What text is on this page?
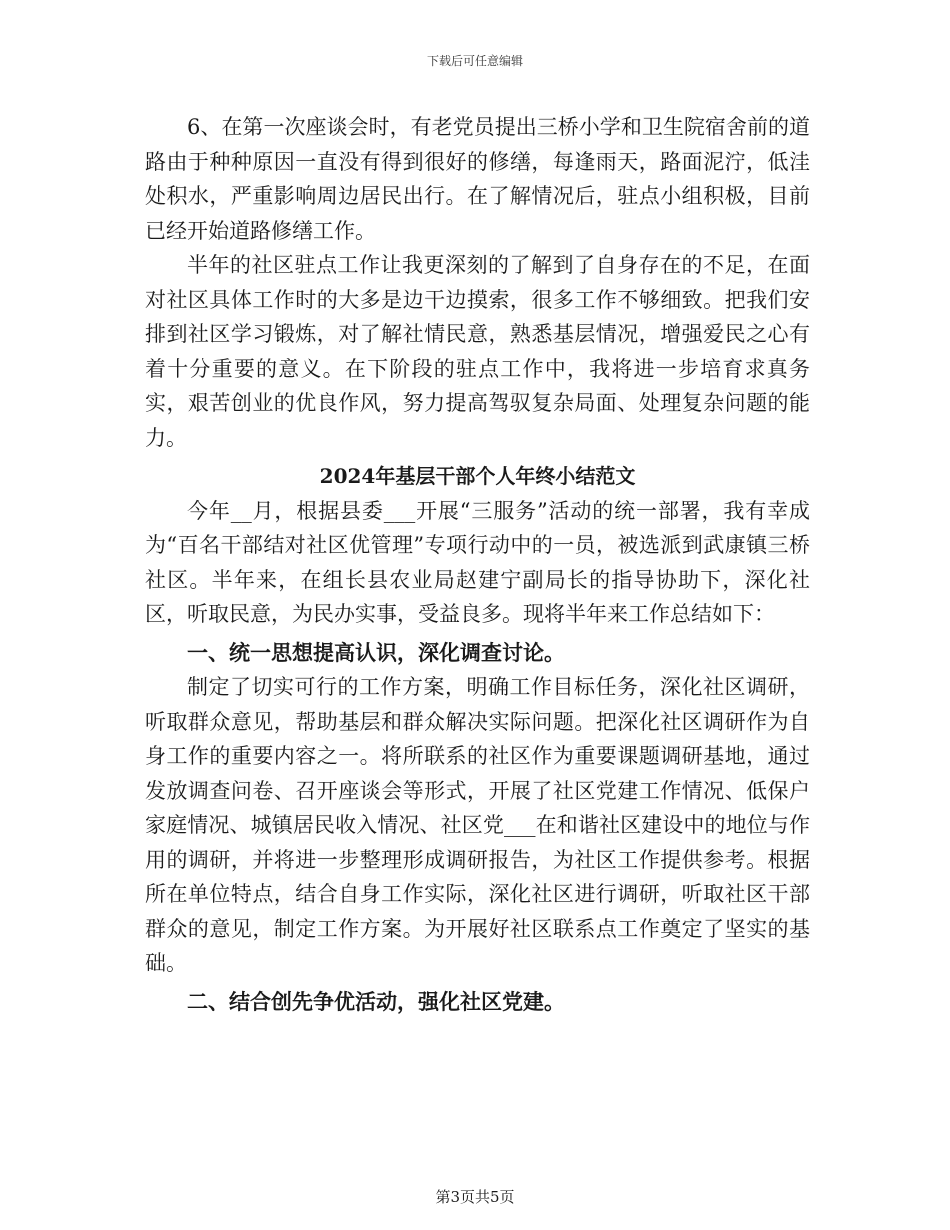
下载后可任意编辑

6、在第一次座谈会时，有老党员提出三桥小学和卫生院宿舍前的道路由于种种原因一直没有得到很好的修缮，每逢雨天，路面泥泞，低洼处积水，严重影响周边居民出行。在了解情况后，驻点小组积极，目前已经开始道路修缮工作。

半年的社区驻点工作让我更深刻的了解到了自身存在的不足，在面对社区具体工作时的大多是边干边摸索，很多工作不够细致。把我们安排到社区学习锻炼，对了解社情民意，熟悉基层情况，增强爱民之心有着十分重要的意义。在下阶段的驻点工作中，我将进一步培育求真务实，艰苦创业的优良作风，努力提高驾驭复杂局面、处理复杂问题的能力。

2024年基层干部个人年终小结范文

今年__月，根据县委___开展“三服务”活动的统一部署，我有幸成为“百名干部结对社区优管理”专项行动中的一员，被选派到武康镇三桥社区。半年来，在组长县农业局赵建宁副局长的指导协助下，深化社区，听取民意，为民办实事，受益良多。现将半年来工作总结如下：

一、统一思想提高认识，深化调查讨论。

制定了切实可行的工作方案，明确工作目标任务，深化社区调研，听取群众意见，帮助基层和群众解决实际问题。把深化社区调研作为自身工作的重要内容之一。将所联系的社区作为重要课题调研基地，通过发放调查问卷、召开座谈会等形式，开展了社区党建工作情况、低保户家庭情况、城镇居民收入情况、社区党___在和谐社区建设中的地位与作用的调研，并将进一步整理形成调研报告，为社区工作提供参考。根据所在单位特点，结合自身工作实际，深化社区进行调研，听取社区干部群众的意见，制定工作方案。为开展好社区联系点工作奠定了坚实的基础。

二、结合创先争优活动，强化社区党建。

第3页共5页
